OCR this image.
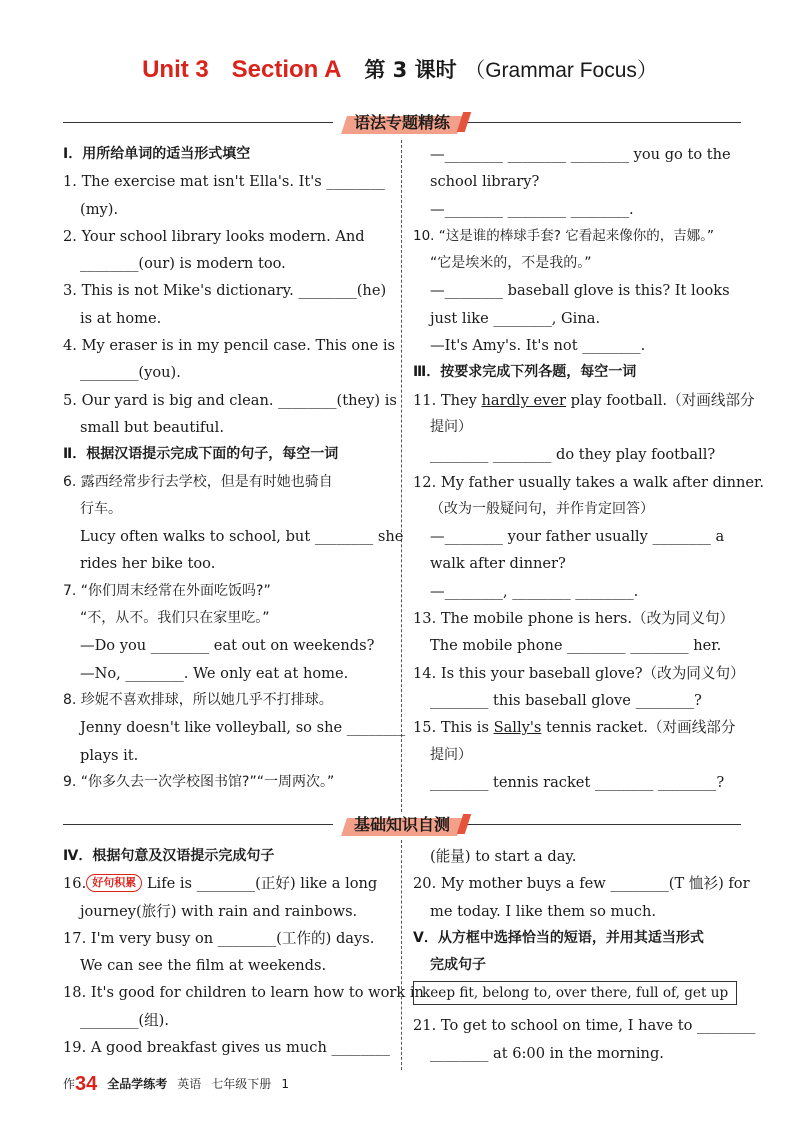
Unit 3 Section A 第 3 课时 （Grammar Focus）
语法专题精练
Ⅰ．用所给单词的适当形式填空
1. The exercise mat isn't Ella's. It's ________
(my).
2. Your school library looks modern. And
________(our) is modern too.
3. This is not Mike's dictionary. ________(he)
is at home.
4. My eraser is in my pencil case. This one is
________(you).
5. Our yard is big and clean. ________(they) is
small but beautiful.
Ⅱ．根据汉语提示完成下面的句子，每空一词
6. 露西经常步行去学校，但是有时她也骑自
行车。
Lucy often walks to school, but ________ she
rides her bike too.
7. “你们周末经常在外面吃饭吗?”
“不，从不。我们只在家里吃。”
—Do you ________ eat out on weekends?
—No, ________. We only eat at home.
8. 珍妮不喜欢排球，所以她几乎不打排球。
Jenny doesn't like volleyball, so she ________
plays it.
9. “你多久去一次学校图书馆?”“一周两次。”
—________ ________ ________ you go to the
school library?
—________ ________ ________.
10. “这是谁的棒球手套? 它看起来像你的，吉娜。”
“它是埃米的，不是我的。”
—________ baseball glove is this? It looks
just like ________, Gina.
—It's Amy's. It's not ________.
Ⅲ．按要求完成下列各题，每空一词
11. They hardly ever play football.（对画线部分
提问）
________ ________ do they play football?
12. My father usually takes a walk after dinner.
（改为一般疑问句，并作肯定回答）
—________ your father usually ________ a
walk after dinner?
—________, ________ ________.
13. The mobile phone is hers.（改为同义句）
The mobile phone ________ ________ her.
14. Is this your baseball glove?（改为同义句）
________ this baseball glove ________?
15. This is Sally's tennis racket.（对画线部分
提问）
________ tennis racket ________ ________?
基础知识自测
Ⅳ．根据句意及汉语提示完成句子
16. 好句积累 Life is ________(正好) like a long
journey(旅行) with rain and rainbows.
17. I'm very busy on ________(工作的) days.
We can see the film at weekends.
18. It's good for children to learn how to work in
________(组).
19. A good breakfast gives us much ________
(能量) to start a day.
20. My mother buys a few ________(T 恤衫) for
me today. I like them so much.
Ⅴ．从方框中选择恰当的短语，并用其适当形式
完成句子
keep fit, belong to, over there, full of, get up
21. To get to school on time, I have to ________
________ at 6:00 in the morning.
作34 全品学练考 英语 七年级下册 1
